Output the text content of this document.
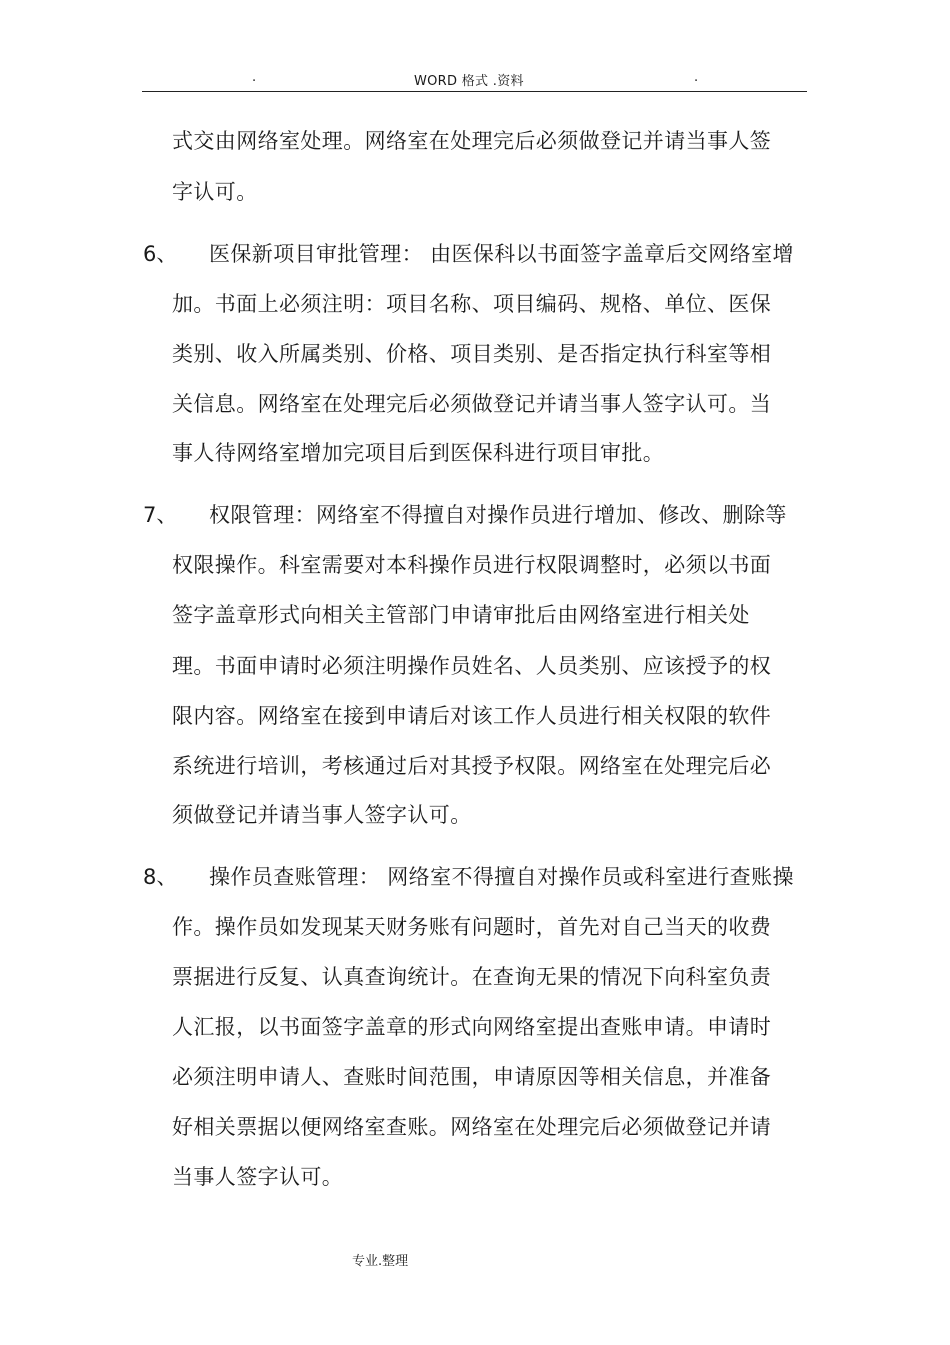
.	WORD 格式 .资料	.
式交由网络室处理。网络室在处理完后必须做登记并请当事人签
字认可。
6、 医保新项目审批管理： 由医保科以书面签字盖章后交网络室增
加。书面上必须注明：项目名称、项目编码、规格、单位、医保
类别、收入所属类别、价格、项目类别、是否指定执行科室等相
关信息。网络室在处理完后必须做登记并请当事人签字认可。当
事人待网络室增加完项目后到医保科进行项目审批。
7、 权限管理：网络室不得擅自对操作员进行增加、修改、删除等
权限操作。科室需要对本科操作员进行权限调整时，必须以书面
签字盖章形式向相关主管部门申请审批后由网络室进行相关处
理。书面申请时必须注明操作员姓名、人员类别、应该授予的权
限内容。网络室在接到申请后对该工作人员进行相关权限的软件
系统进行培训，考核通过后对其授予权限。网络室在处理完后必
须做登记并请当事人签字认可。
8、 操作员查账管理： 网络室不得擅自对操作员或科室进行查账操
作。操作员如发现某天财务账有问题时，首先对自己当天的收费
票据进行反复、认真查询统计。在查询无果的情况下向科室负责
人汇报，以书面签字盖章的形式向网络室提出查账申请。申请时
必须注明申请人、查账时间范围，申请原因等相关信息，并准备
好相关票据以便网络室查账。网络室在处理完后必须做登记并请
当事人签字认可。
专业.整理
